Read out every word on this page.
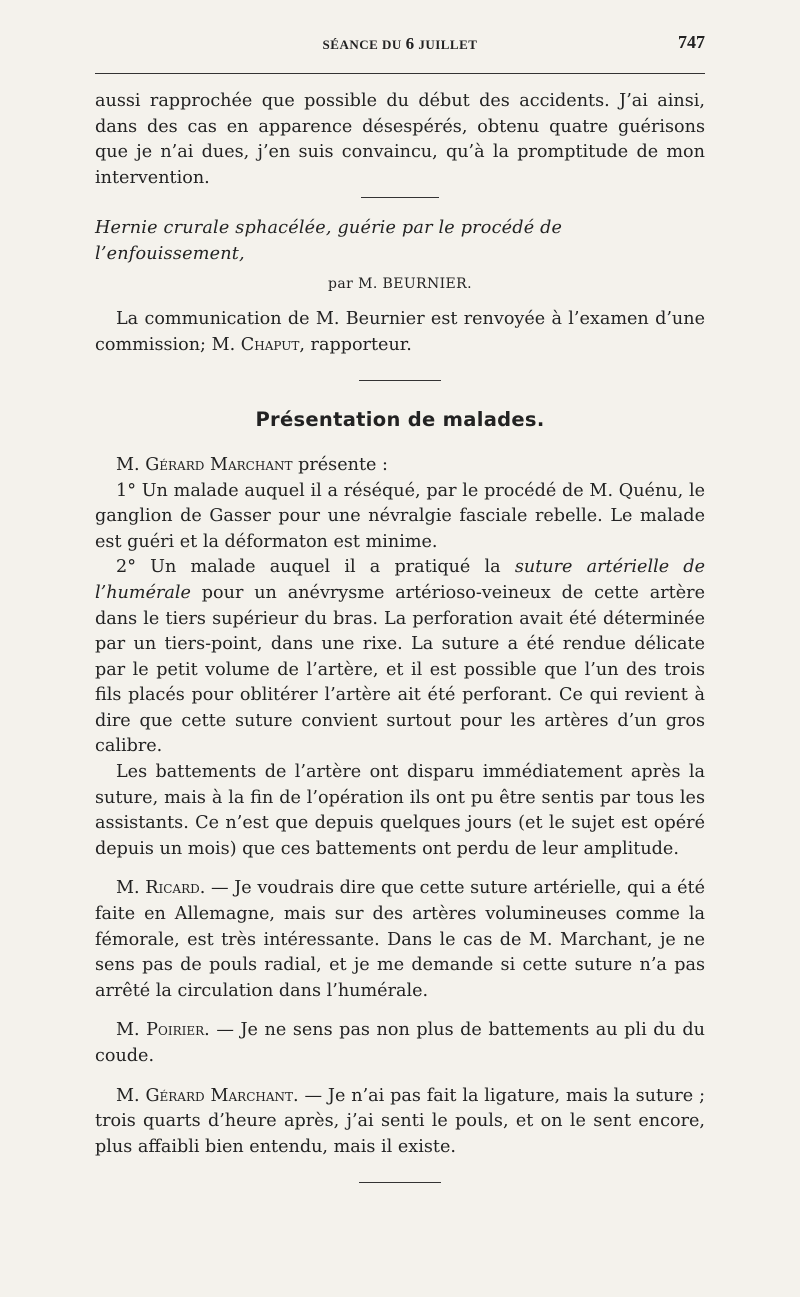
SÉANCE DU 6 JUILLET	747

aussi rapprochée que possible du début des accidents. J’ai ainsi, dans des cas en apparence désespérés, obtenu quatre guérisons que je n’ai dues, j’en suis convaincu, qu’à la promptitude de mon intervention.

Hernie crurale sphacélée, guérie par le procédé de l’enfouissement,

par M. BEURNIER.

La communication de M. Beurnier est renvoyée à l’examen d’une commission; M. Chaput, rapporteur.

Présentation de malades.

M. Gérard Marchant présente :

1° Un malade auquel il a réséqué, par le procédé de M. Quénu, le ganglion de Gasser pour une névralgie fasciale rebelle. Le malade est guéri et la déformaton est minime.

2° Un malade auquel il a pratiqué la suture artérielle de l’humérale pour un anévrysme artérioso-veineux de cette artère dans le tiers supérieur du bras. La perforation avait été déterminée par un tiers-point, dans une rixe. La suture a été rendue délicate par le petit volume de l’artère, et il est possible que l’un des trois fils placés pour oblitérer l’artère ait été perforant. Ce qui revient à dire que cette suture convient surtout pour les artères d’un gros calibre.

Les battements de l’artère ont disparu immédiatement après la suture, mais à la fin de l’opération ils ont pu être sentis par tous les assistants. Ce n’est que depuis quelques jours (et le sujet est opéré depuis un mois) que ces battements ont perdu de leur amplitude.

M. Ricard. — Je voudrais dire que cette suture artérielle, qui a été faite en Allemagne, mais sur des artères volumineuses comme la fémorale, est très intéressante. Dans le cas de M. Marchant, je ne sens pas de pouls radial, et je me demande si cette suture n’a pas arrêté la circulation dans l’humérale.

M. Poirier. — Je ne sens pas non plus de battements au pli du du coude.

M. Gérard Marchant. — Je n’ai pas fait la ligature, mais la suture ; trois quarts d’heure après, j’ai senti le pouls, et on le sent encore, plus affaibli bien entendu, mais il existe.
